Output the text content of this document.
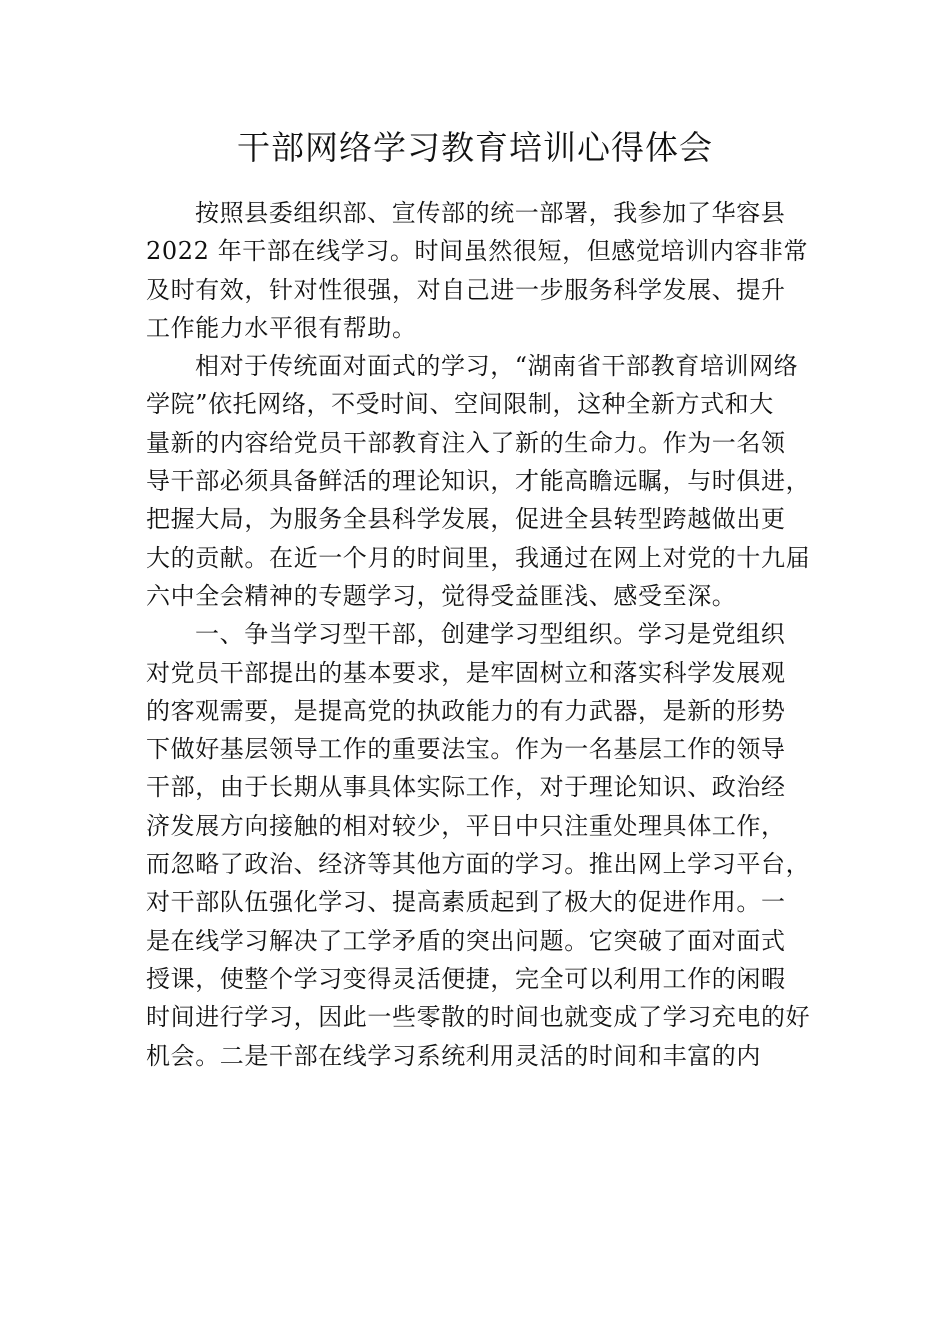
干部网络学习教育培训心得体会
按照县委组织部、宣传部的统一部署，我参加了华容县
2022 年干部在线学习。时间虽然很短，但感觉培训内容非常
及时有效，针对性很强，对自己进一步服务科学发展、提升
工作能力水平很有帮助。
相对于传统面对面式的学习，“湖南省干部教育培训网络
学院”依托网络，不受时间、空间限制，这种全新方式和大
量新的内容给党员干部教育注入了新的生命力。作为一名领
导干部必须具备鲜活的理论知识，才能高瞻远瞩，与时俱进，
把握大局，为服务全县科学发展，促进全县转型跨越做出更
大的贡献。在近一个月的时间里，我通过在网上对党的十九届
六中全会精神的专题学习，觉得受益匪浅、感受至深。
一、争当学习型干部，创建学习型组织。学习是党组织
对党员干部提出的基本要求，是牢固树立和落实科学发展观
的客观需要，是提高党的执政能力的有力武器，是新的形势
下做好基层领导工作的重要法宝。作为一名基层工作的领导
干部，由于长期从事具体实际工作，对于理论知识、政治经
济发展方向接触的相对较少，平日中只注重处理具体工作，
而忽略了政治、经济等其他方面的学习。推出网上学习平台，
对干部队伍强化学习、提高素质起到了极大的促进作用。一
是在线学习解决了工学矛盾的突出问题。它突破了面对面式
授课，使整个学习变得灵活便捷，完全可以利用工作的闲暇
时间进行学习，因此一些零散的时间也就变成了学习充电的好
机会。二是干部在线学习系统利用灵活的时间和丰富的内
